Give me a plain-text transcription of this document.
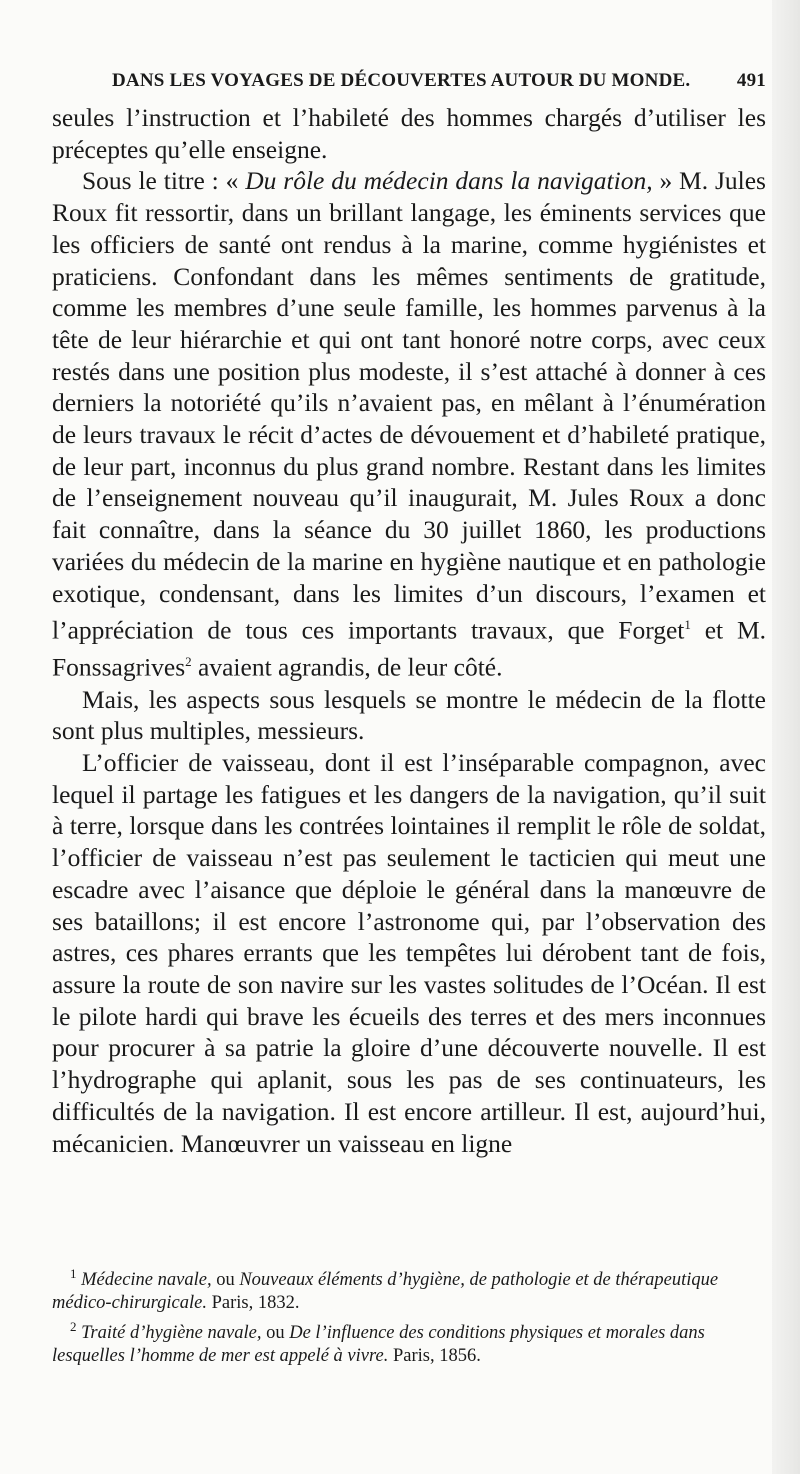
DANS LES VOYAGES DE DÉCOUVERTES AUTOUR DU MONDE. 491

seules l’instruction et l’habileté des hommes chargés d’utiliser les préceptes qu’elle enseigne.

Sous le titre : « Du rôle du médecin dans la navigation, » M. Jules Roux fit ressortir, dans un brillant langage, les éminents services que les officiers de santé ont rendus à la marine, comme hygiénistes et praticiens. Confondant dans les mêmes sentiments de gratitude, comme les membres d’une seule famille, les hommes parvenus à la tête de leur hiérarchie et qui ont tant honoré notre corps, avec ceux restés dans une position plus modeste, il s’est attaché à donner à ces derniers la notoriété qu’ils n’avaient pas, en mêlant à l’énumération de leurs travaux le récit d’actes de dévouement et d’habileté pratique, de leur part, inconnus du plus grand nombre. Restant dans les limites de l’enseignement nouveau qu’il inaugurait, M. Jules Roux a donc fait connaître, dans la séance du 30 juillet 1860, les productions variées du médecin de la marine en hygiène nautique et en pathologie exotique, condensant, dans les limites d’un discours, l’examen et l’appréciation de tous ces importants travaux, que Forget$^1$ et M. Fonssagrives$^2$ avaient agrandis, de leur côté.

Mais, les aspects sous lesquels se montre le médecin de la flotte sont plus multiples, messieurs.

L’officier de vaisseau, dont il est l’inséparable compagnon, avec lequel il partage les fatigues et les dangers de la navigation, qu’il suit à terre, lorsque dans les contrées lointaines il remplit le rôle de soldat, l’officier de vaisseau n’est pas seulement le tacticien qui meut une escadre avec l’aisance que déploie le général dans la manœuvre de ses bataillons; il est encore l’astronome qui, par l’observation des astres, ces phares errants que les tempêtes lui dérobent tant de fois, assure la route de son navire sur les vastes solitudes de l’Océan. Il est le pilote hardi qui brave les écueils des terres et des mers inconnues pour procurer à sa patrie la gloire d’une découverte nouvelle. Il est l’hydrographe qui aplanit, sous les pas de ses continuateurs, les difficultés de la navigation. Il est encore artilleur. Il est, aujourd’hui, mécanicien. Manœuvrer un vaisseau en ligne

$^1$ Médecine navale, ou Nouveaux éléments d’hygiène, de pathologie et de thérapeutique médico-chirurgicale. Paris, 1832.

$^2$ Traité d’hygiène navale, ou De l’influence des conditions physiques et morales dans lesquelles l’homme de mer est appelé à vivre. Paris, 1856.
